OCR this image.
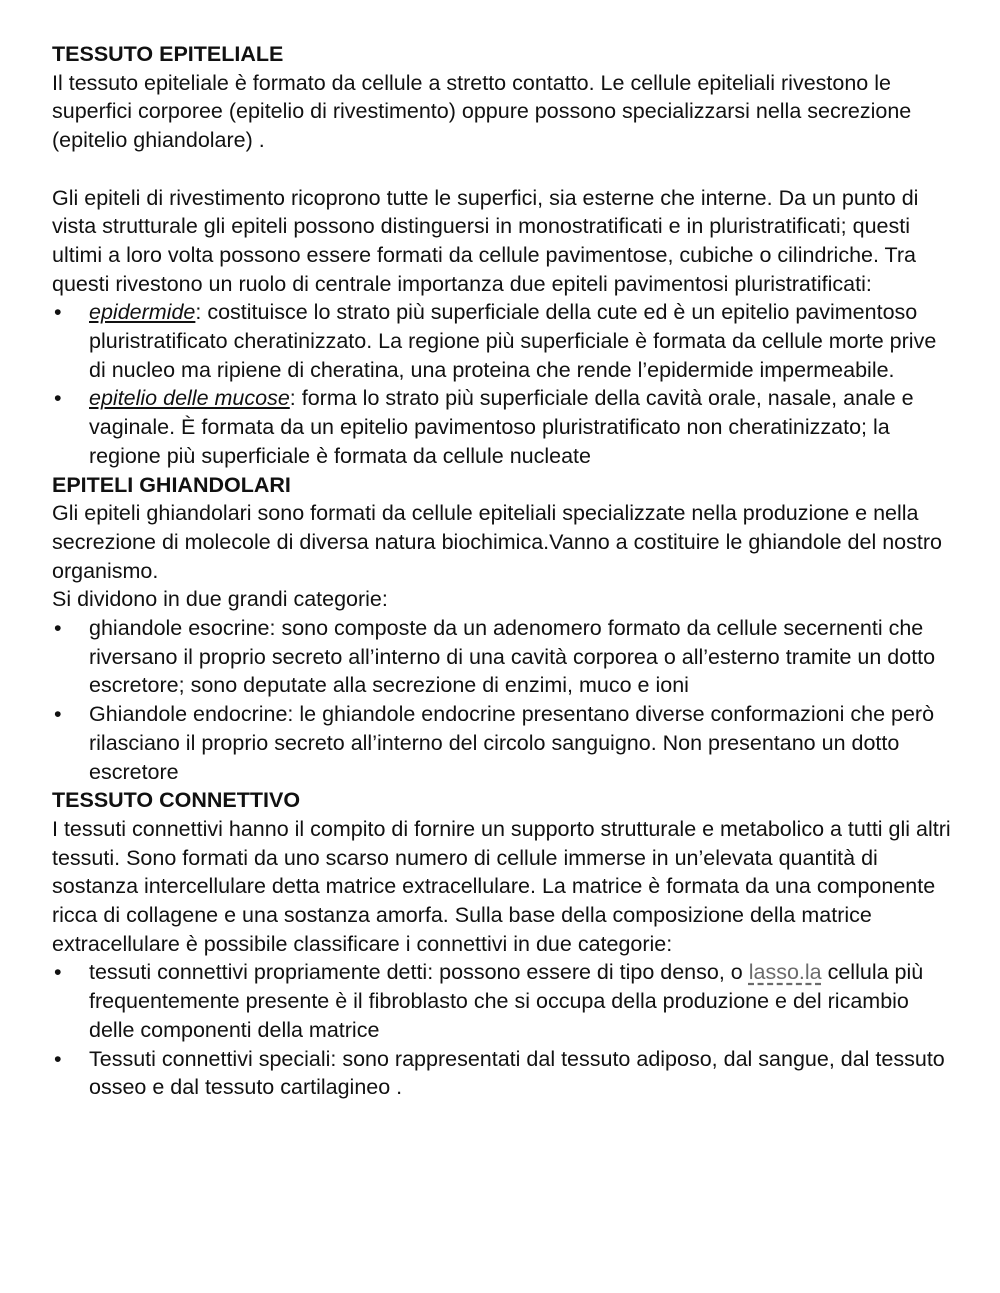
TESSUTO EPITELIALE

Il tessuto epiteliale è formato da cellule a stretto contatto. Le cellule epiteliali rivestono le superfici corporee (epitelio di rivestimento) oppure possono specializzarsi nella secrezione (epitelio ghiandolare) .

Gli epiteli di rivestimento ricoprono tutte le superfici, sia esterne che interne. Da un punto di vista strutturale gli epiteli possono distinguersi in monostratificati e in pluristratificati; questi ultimi a loro volta possono essere formati da cellule pavimentose, cubiche o cilindriche. Tra questi rivestono un ruolo di centrale importanza due epiteli pavimentosi pluristratificati:

•	epidermide: costituisce lo strato più superficiale della cute ed è un epitelio pavimentoso pluristratificato cheratinizzato. La regione più superficiale è formata da cellule morte prive di nucleo ma ripiene di cheratina, una proteina che rende l’epidermide impermeabile.
•	epitelio delle mucose: forma lo strato più superficiale della cavità orale, nasale, anale e vaginale. È formata da un epitelio pavimentoso pluristratificato non cheratinizzato; la regione più superficiale è formata da cellule nucleate

EPITELI GHIANDOLARI

Gli epiteli ghiandolari sono formati da cellule epiteliali specializzate nella produzione e nella secrezione di molecole di diversa natura biochimica.Vanno a costituire le ghiandole del nostro organismo.

Si dividono in due grandi categorie:

•	ghiandole esocrine: sono composte da un adenomero formato da cellule secernenti che riversano il proprio secreto all’interno di una cavità corporea o all’esterno tramite un dotto escretore; sono deputate alla secrezione di enzimi, muco e ioni
•	Ghiandole endocrine: le ghiandole endocrine presentano diverse conformazioni che però rilasciano il proprio secreto all’interno del circolo sanguigno. Non presentano un dotto escretore

TESSUTO CONNETTIVO

I tessuti connettivi hanno il compito di fornire un supporto strutturale e metabolico a tutti gli altri tessuti. Sono formati da uno scarso numero di cellule immerse in un’elevata quantità di sostanza intercellulare detta matrice extracellulare. La matrice è formata da una componente ricca di collagene e una sostanza amorfa. Sulla base della composizione della matrice extracellulare è possibile classificare i connettivi in due categorie:

•	tessuti connettivi propriamente detti: possono essere di tipo denso, o lasso.la cellula più frequentemente presente è il fibroblasto che si occupa della produzione e del ricambio delle componenti della matrice
•	Tessuti connettivi speciali: sono rappresentati dal tessuto adiposo, dal sangue, dal tessuto osseo e dal tessuto cartilagineo .
